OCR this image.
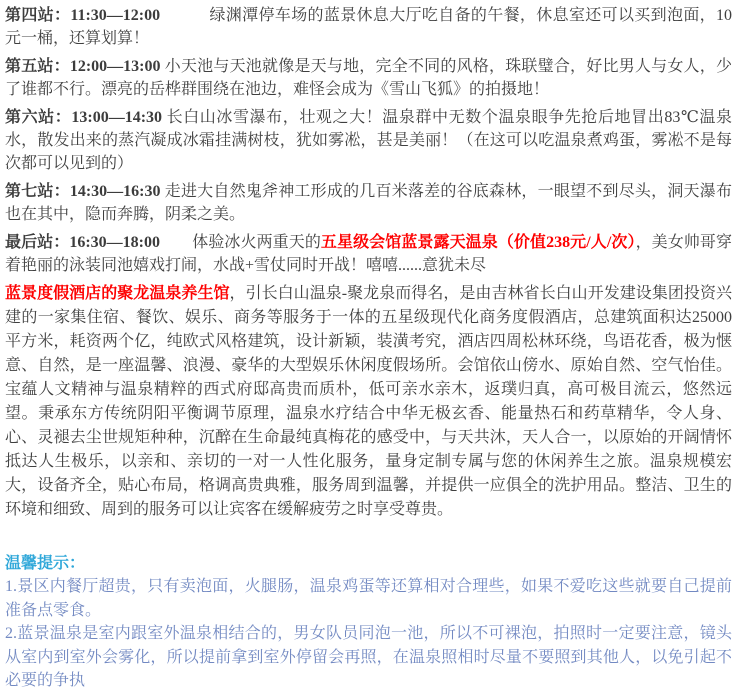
第四站：11:30—12:00　　　绿渊潭停车场的蓝景休息大厅吃自备的午餐，休息室还可以买到泡面，10元一桶，还算划算！

第五站：12:00—13:00 小天池与天池就像是天与地，完全不同的风格，珠联璧合，好比男人与女人，少了谁都不行。漂亮的岳桦群围绕在池边，难怪会成为《雪山飞狐》的拍摄地！

第六站：13:00—14:30 长白山冰雪瀑布，壮观之大！温泉群中无数个温泉眼争先抢后地冒出83℃温泉水，散发出来的蒸汽凝成冰霜挂满树枝，犹如雾凇，甚是美丽！（在这可以吃温泉煮鸡蛋，雾凇不是每次都可以见到的）

第七站：14:30—16:30 走进大自然鬼斧神工形成的几百米落差的谷底森林，一眼望不到尽头，洞天瀑布也在其中，隐而奔腾，阴柔之美。

最后站：16:30—18:00　　体验冰火两重天的五星级会馆蓝景露天温泉（价值238元/人/次），美女帅哥穿着艳丽的泳装同池嬉戏打闹，水战+雪仗同时开战！嘻嘻......意犹未尽

蓝景度假酒店的聚龙温泉养生馆，引长白山温泉-聚龙泉而得名，是由吉林省长白山开发建设集团投资兴建的一家集住宿、餐饮、娱乐、商务等服务于一体的五星级现代化商务度假酒店，总建筑面积达25000平方米，耗资两个亿，纯欧式风格建筑，设计新颖，装潢考究，酒店四周松林环绕，鸟语花香，极为惬意、自然，是一座温馨、浪漫、豪华的大型娱乐休闲度假场所。会馆依山傍水、原始自然、空气怡佳。宝蕴人文精神与温泉精粹的西式府邸高贵而质朴，低可亲水亲木，返璞归真，高可极目流云，悠然远望。秉承东方传统阴阳平衡调节原理，温泉水疗结合中华无极玄香、能量热石和药草精华，令人身、心、灵褪去尘世规矩种种，沉醉在生命最纯真梅花的感受中，与天共沐，天人合一，以原始的开阔情怀抵达人生极乐，以亲和、亲切的一对一人性化服务，量身定制专属与您的休闲养生之旅。温泉规模宏大，设备齐全，贴心布局，格调高贵典雅，服务周到温馨，并提供一应俱全的洗护用品。整洁、卫生的环境和细致、周到的服务可以让宾客在缓解疲劳之时享受尊贵。

温馨提示：

1.景区内餐厅超贵，只有卖泡面，火腿肠，温泉鸡蛋等还算相对合理些，如果不爱吃这些就要自己提前准备点零食。

2.蓝景温泉是室内跟室外温泉相结合的，男女队员同泡一池，所以不可裸泡，拍照时一定要注意，镜头从室内到室外会雾化，所以提前拿到室外停留会再照，在温泉照相时尽量不要照到其他人，以免引起不必要的争执
